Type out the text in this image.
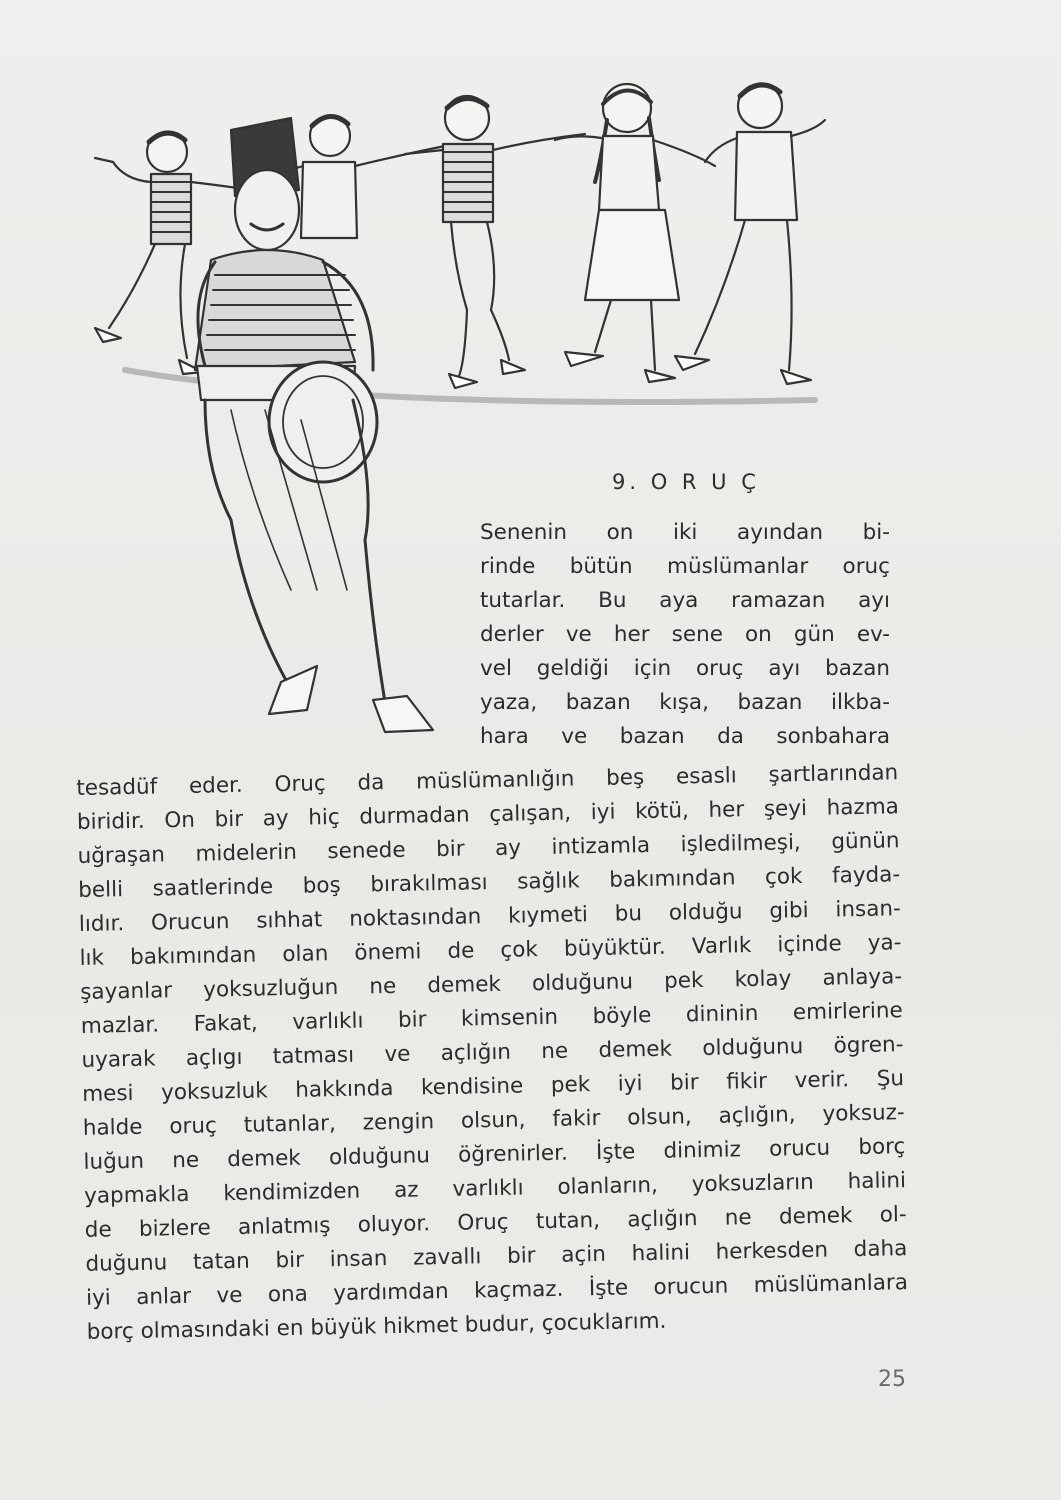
9. O R U Ç
Senenin on iki ayından bi-
rinde bütün müslümanlar oruç
tutarlar. Bu aya ramazan ayı
derler ve her sene on gün ev-
vel geldiği için oruç ayı bazan
yaza, bazan kışa, bazan ilkba-
hara ve bazan da sonbahara
tesadüf eder. Oruç da müslümanlığın beş esaslı şartlarından
biridir. On bir ay hiç durmadan çalışan, iyi kötü, her şeyi hazma
uğraşan midelerin senede bir ay intizamla işledilmeşi, günün
belli saatlerinde boş bırakılması sağlık bakımından çok fayda-
lıdır. Orucun sıhhat noktasından kıymeti bu olduğu gibi insan-
lık bakımından olan önemi de çok büyüktür. Varlık içinde ya-
şayanlar yoksuzluğun ne demek olduğunu pek kolay anlaya-
mazlar. Fakat, varlıklı bir kimsenin böyle dininin emirlerine
uyarak açlıgı tatması ve açlığın ne demek olduğunu ögren-
mesi yoksuzluk hakkında kendisine pek iyi bir fikir verir. Şu
halde oruç tutanlar, zengin olsun, fakir olsun, açlığın, yoksuz-
luğun ne demek olduğunu öğrenirler. İşte dinimiz orucu borç
yapmakla kendimizden az varlıklı olanların, yoksuzların halini
de bizlere anlatmış oluyor. Oruç tutan, açlığın ne demek ol-
duğunu tatan bir insan zavallı bir açin halini herkesden daha
iyi anlar ve ona yardımdan kaçmaz. İşte orucun müslümanlara
borç olmasındaki en büyük hikmet budur, çocuklarım.
25
